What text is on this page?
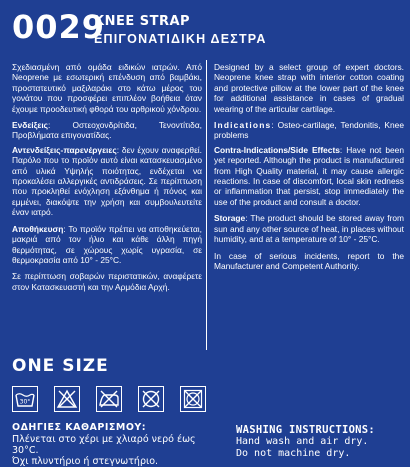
0029
KNEE STRAP
ΕΠΙΓΟΝΑΤΙΔΙΚΗ ΔΕΣΤΡΑ

Σχεδιασμένη από ομάδα ειδικών ιατρών. Από Neoprene με εσωτερική επένδυση από βαμβάκι, προστατευτικό μαξιλαράκι στο κάτω μέρος του γονάτου που προσφέρει επιπλέον βοήθεια όταν έχουμε προοδευτική φθορά του αρθρικού χόνδρου.

Ενδείξεις: Οστεοχονδρίτιδα, Τενοντίτιδα, Προβλήματα επιγονατίδας.

Αντενδείξεις-παρενέργειες: δεν έχουν αναφερθεί. Παρόλο που το προϊόν αυτό είναι κατασκευασμένο από υλικά Υψηλής ποιότητας, ενδέχεται να προκαλέσει αλλεργικές αντιδράσεις. Σε περίπτωση που προκληθεί ενόχληση εξάνθημα ή πόνος και εμμένει, διακόψτε την χρήση και συμβουλευτείτε έναν ιατρό.

Αποθήκευση: Το προϊόν πρέπει να αποθηκεύεται, μακριά από τον ήλιο και κάθε άλλη πηγή θερμότητας, σε χώρους χωρίς υγρασία, σε θερμοκρασία από 10° - 25°C.

Σε περίπτωση σοβαρών περιστατικών, αναφέρετε στον Κατασκευαστή και την Αρμόδια Αρχή.

Designed by a select group of expert doctors. Neoprene knee strap with interior cotton coating and protective pillow at the lower part of the knee for additional assistance in cases of gradual wearing of the articular cartilage.

Indications: Osteo-cartilage, Tendonitis, Knee problems

Contra-Indications/Side Effects: Have not been yet reported. Although the product is manufactured from High Quality material, it may cause allergic reactions. In case of discomfort, local skin redness or inflammation that persist, stop immediately the use of the product and consult a doctor.

Storage: The product should be stored away from sun and any other source of heat, in places without humidity, and at a temperature of 10° - 25°C.

In case of serious incidents, report to the Manufacturer and Competent Authority.

ONE SIZE
30°
ΟΔΗΓΙΕΣ ΚΑΘΑΡΙΣΜΟΥ:
Πλένεται στο χέρι με χλιαρό νερό έως 30°C.
Όχι πλυντήριο ή στεγνωτήριο.
WASHING INSTRUCTIONS:
Hand wash and air dry.
Do not machine dry.
